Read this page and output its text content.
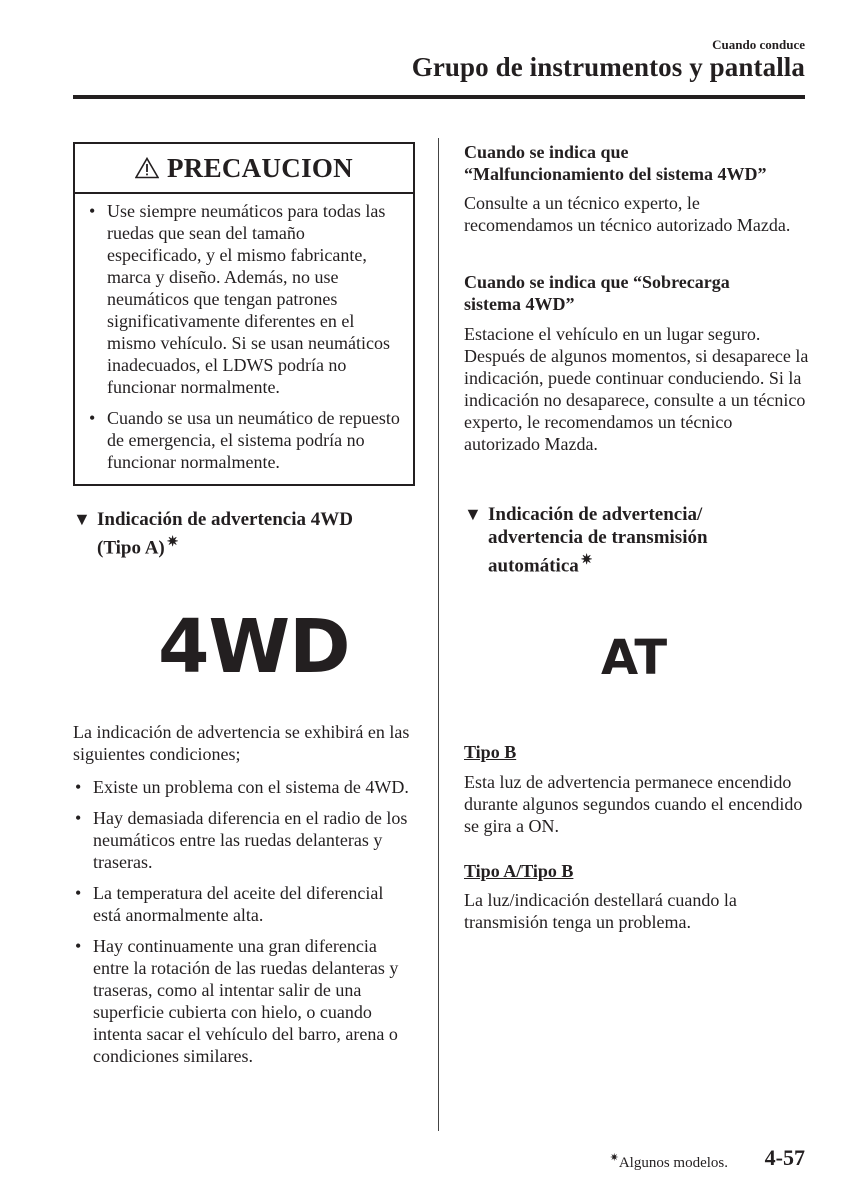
Cuando conduce
Grupo de instrumentos y pantalla
PRECAUCION
• Use siempre neumáticos para todas las ruedas que sean del tamaño especificado, y el mismo fabricante, marca y diseño. Además, no use neumáticos que tengan patrones significativamente diferentes en el mismo vehículo. Si se usan neumáticos inadecuados, el LDWS podría no funcionar normalmente.
• Cuando se usa un neumático de repuesto de emergencia, el sistema podría no funcionar normalmente.
▼ Indicación de advertencia 4WD
(Tipo A) ✷
4WD

La indicación de advertencia se exhibirá en las siguientes condiciones;

• Existe un problema con el sistema de 4WD.
• Hay demasiada diferencia en el radio de los neumáticos entre las ruedas delanteras y traseras.
• La temperatura del aceite del diferencial está anormalmente alta.
• Hay continuamente una gran diferencia entre la rotación de las ruedas delanteras y traseras, como al intentar salir de una superficie cubierta con hielo, o cuando intenta sacar el vehículo del barro, arena o condiciones similares.
Cuando se indica que
“Malfuncionamiento del sistema 4WD”

Consulte a un técnico experto, le recomendamos un técnico autorizado Mazda.

Cuando se indica que “Sobrecarga
sistema 4WD”

Estacione el vehículo en un lugar seguro. Después de algunos momentos, si desaparece la indicación, puede continuar conduciendo. Si la indicación no desaparece, consulte a un técnico experto, le recomendamos un técnico autorizado Mazda.

▼ Indicación de advertencia/
advertencia de transmisión
automática ✷
AT
Tipo B

Esta luz de advertencia permanece encendido durante algunos segundos cuando el encendido se gira a ON.

Tipo A/Tipo B

La luz/indicación destellará cuando la transmisión tenga un problema.

✷Algunos modelos. 4-57
